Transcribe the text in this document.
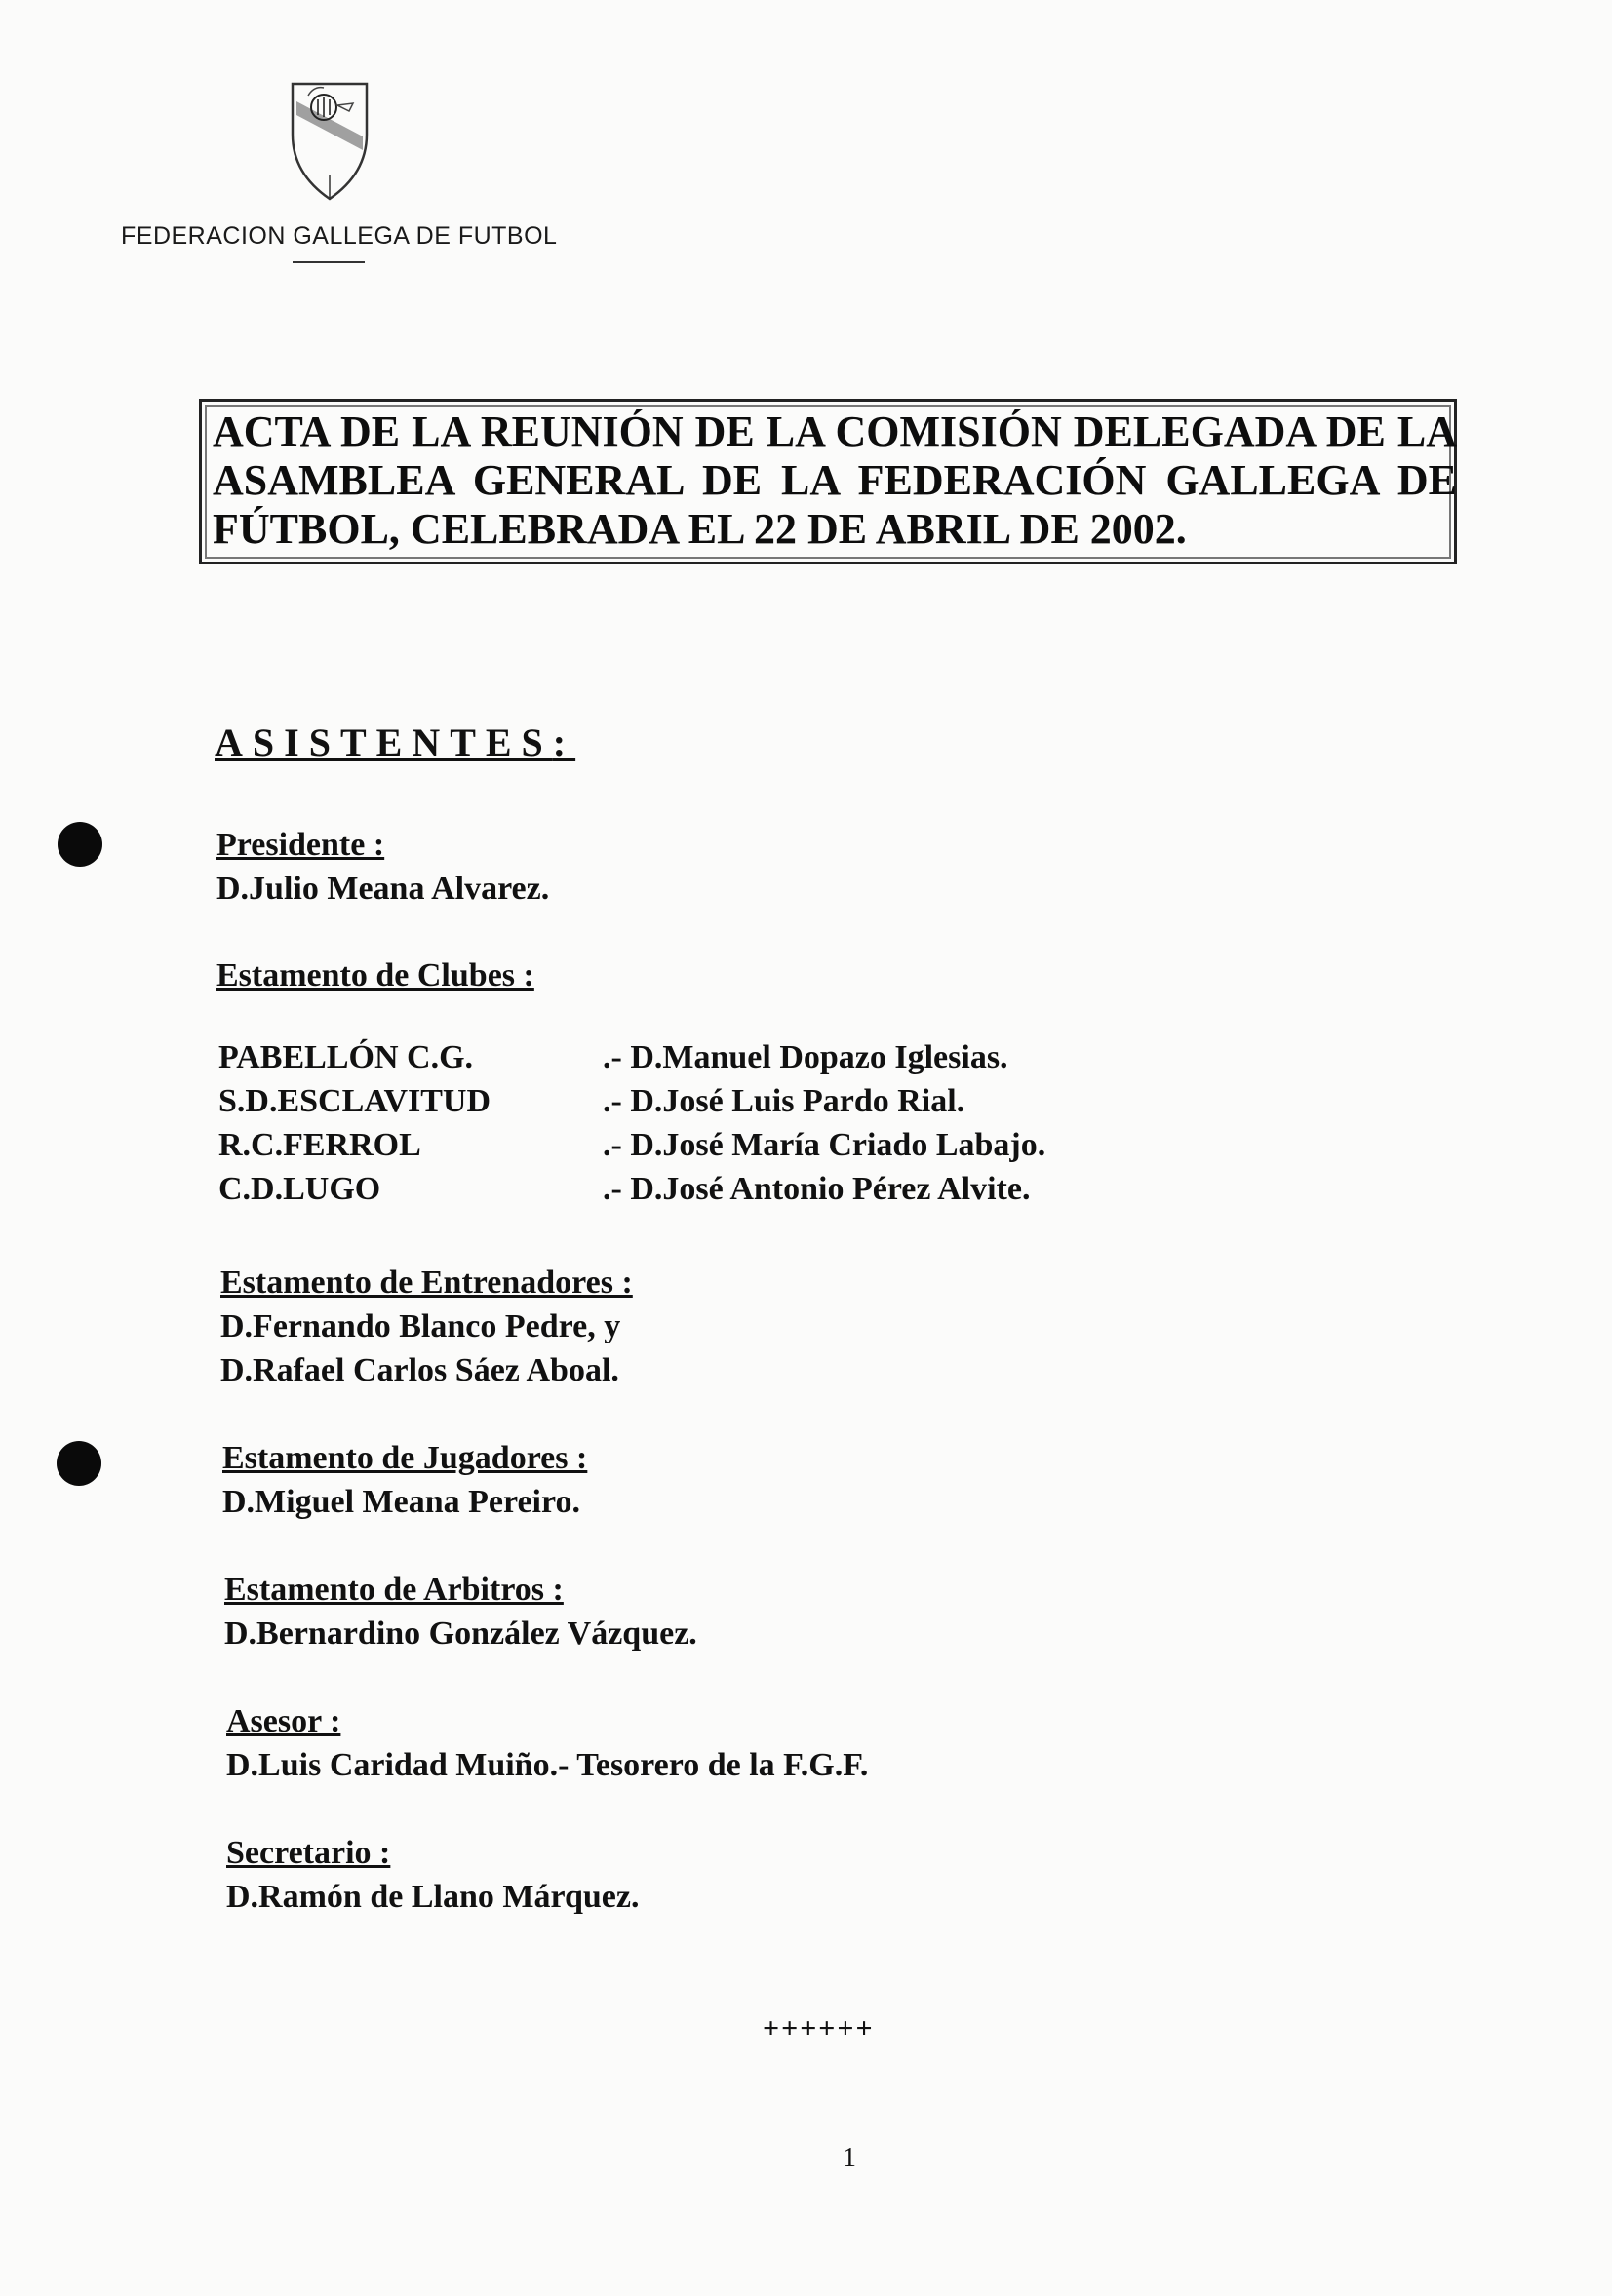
FEDERACION GALLEGA DE FUTBOL
ACTA DE LA REUNIÓN DE LA COMISIÓN DELEGADA DE LA ASAMBLEA GENERAL DE LA FEDERACIÓN GALLEGA DE FÚTBOL, CELEBRADA EL 22 DE ABRIL DE 2002.
ASISTENTES:
Presidente :
D.Julio Meana Alvarez.
Estamento de Clubes :
PABELLÓN C.G.	.- D.Manuel Dopazo Iglesias.
S.D.ESCLAVITUD	.- D.José Luis Pardo Rial.
R.C.FERROL	.- D.José María Criado Labajo.
C.D.LUGO	.- D.José Antonio Pérez Alvite.
Estamento de Entrenadores :
D.Fernando Blanco Pedre, y
D.Rafael Carlos Sáez Aboal.
Estamento de Jugadores :
D.Miguel Meana Pereiro.
Estamento de Arbitros :
D.Bernardino González Vázquez.
Asesor :
D.Luis Caridad Muiño.- Tesorero de la F.G.F.
Secretario :
D.Ramón de Llano Márquez.
++++++
1
